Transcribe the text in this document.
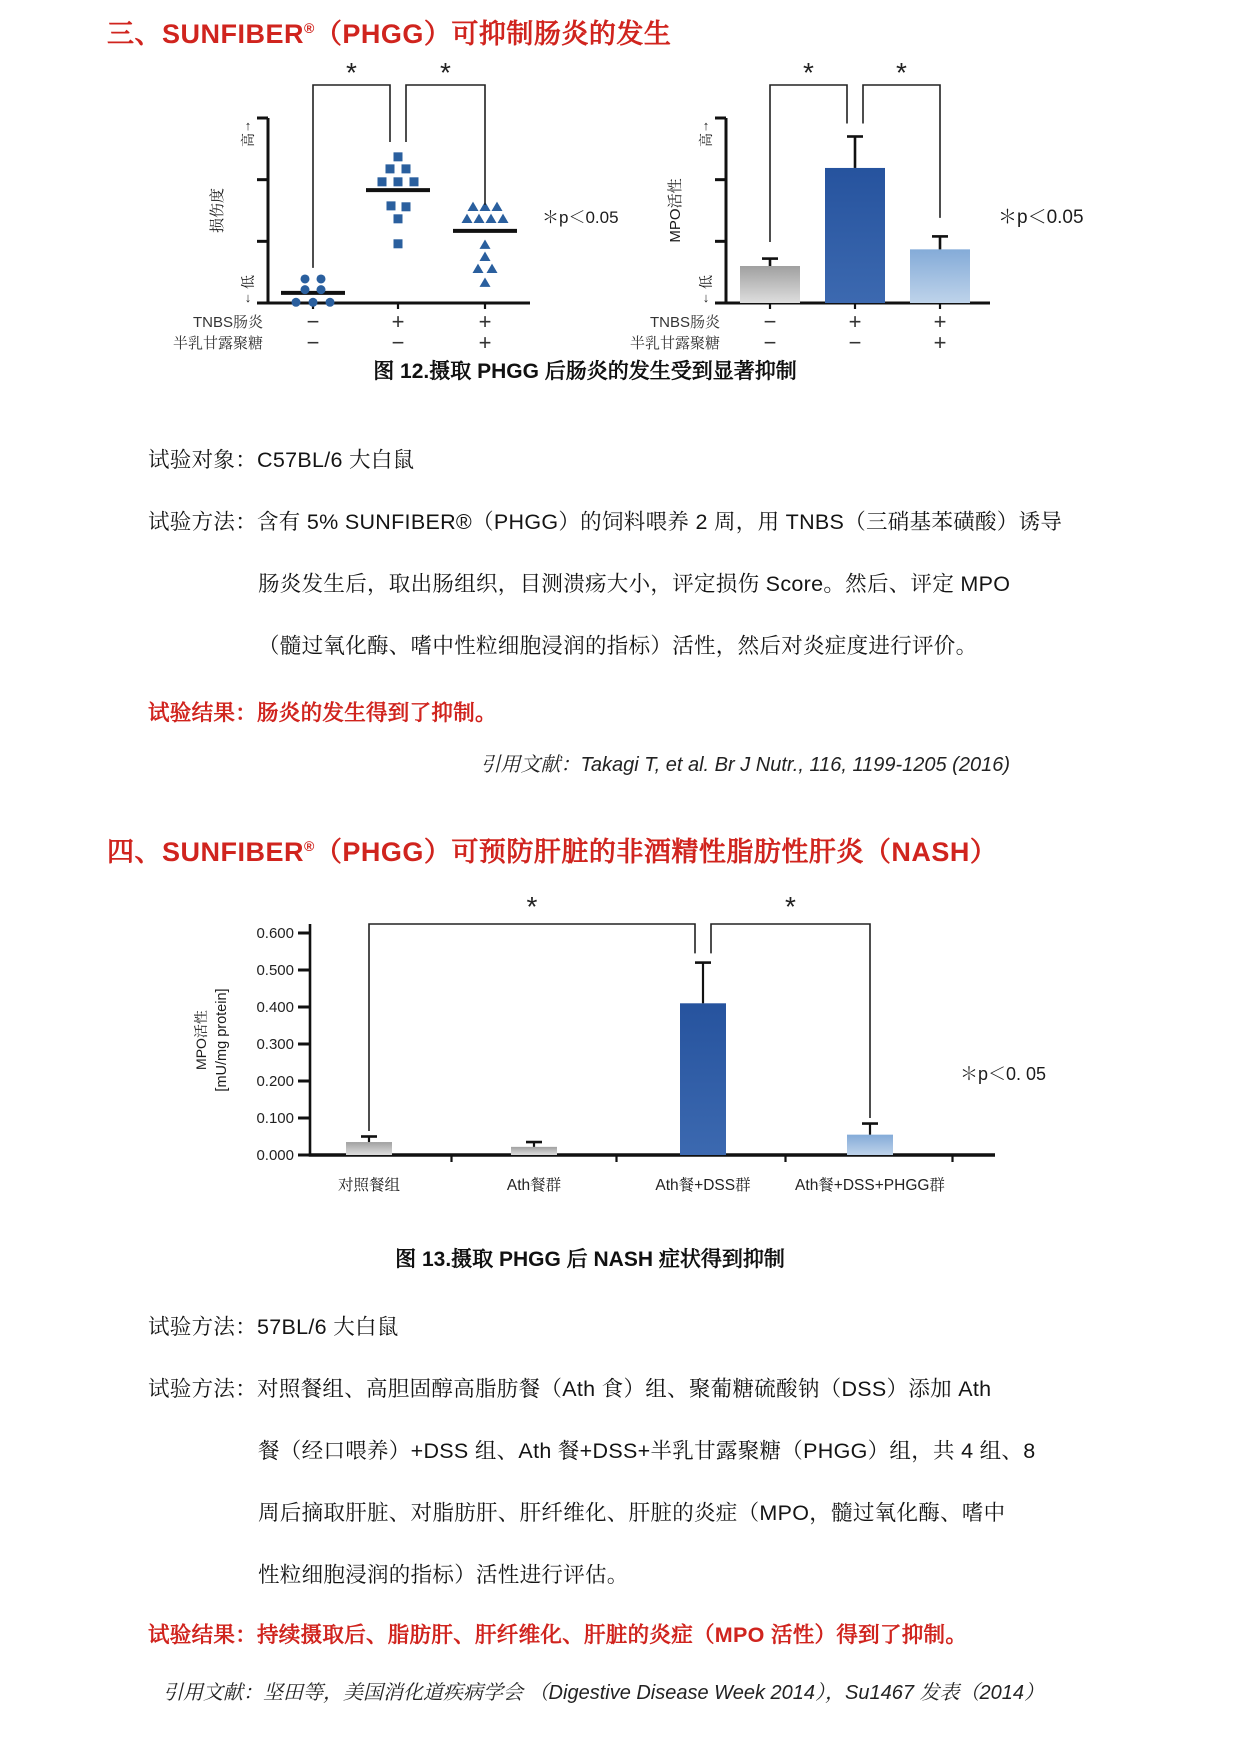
三、SUNFIBER®（PHGG）可抑制肠炎的发生
↑
高
低
↓
损伤度
*	*
TNBS肠炎 −	+	+
半乳甘露聚糖 −	−	+
＊p＜0.05
↑
高
低
↓
MPO活性
*	*
TNBS肠炎 −	+	+
半乳甘露聚糖 −	−	+
＊p＜0.05
图 12.摄取 PHGG 后肠炎的发生受到显著抑制
试验对象：C57BL/6 大白鼠
试验方法：含有 5% SUNFIBER®（PHGG）的饲料喂养 2 周，用 TNBS（三硝基苯磺酸）诱导
肠炎发生后，取出肠组织，目测溃疡大小，评定损伤 Score。然后、评定 MPO
（髓过氧化酶、嗜中性粒细胞浸润的指标）活性，然后对炎症度进行评价。
试验结果：肠炎的发生得到了抑制。
引用文献：Takagi T, et al. Br J Nutr., 116, 1199-1205 (2016)
四、SUNFIBER®（PHGG）可预防肝脏的非酒精性脂肪性肝炎（NASH）
0.600
0.500
0.400
0.300
0.200
0.100
0.000
MPO活性 [mU/mg protein]
对照餐组	Ath餐群	Ath餐+DSS群	Ath餐+DSS+PHGG群
*	*
＊p＜0. 05
图 13.摄取 PHGG 后 NASH 症状得到抑制
试验方法：57BL/6 大白鼠
试验方法：对照餐组、高胆固醇高脂肪餐（Ath 食）组、聚葡糖硫酸钠（DSS）添加 Ath
餐（经口喂养）+DSS 组、Ath 餐+DSS+半乳甘露聚糖（PHGG）组，共 4 组、8
周后摘取肝脏、对脂肪肝、肝纤维化、肝脏的炎症（MPO，髓过氧化酶、嗜中
性粒细胞浸润的指标）活性进行评估。
试验结果：持续摄取后、脂肪肝、肝纤维化、肝脏的炎症（MPO 活性）得到了抑制。
引用文献：坚田等，美国消化道疾病学会 （Digestive Disease Week 2014），Su1467 发表（2014）
